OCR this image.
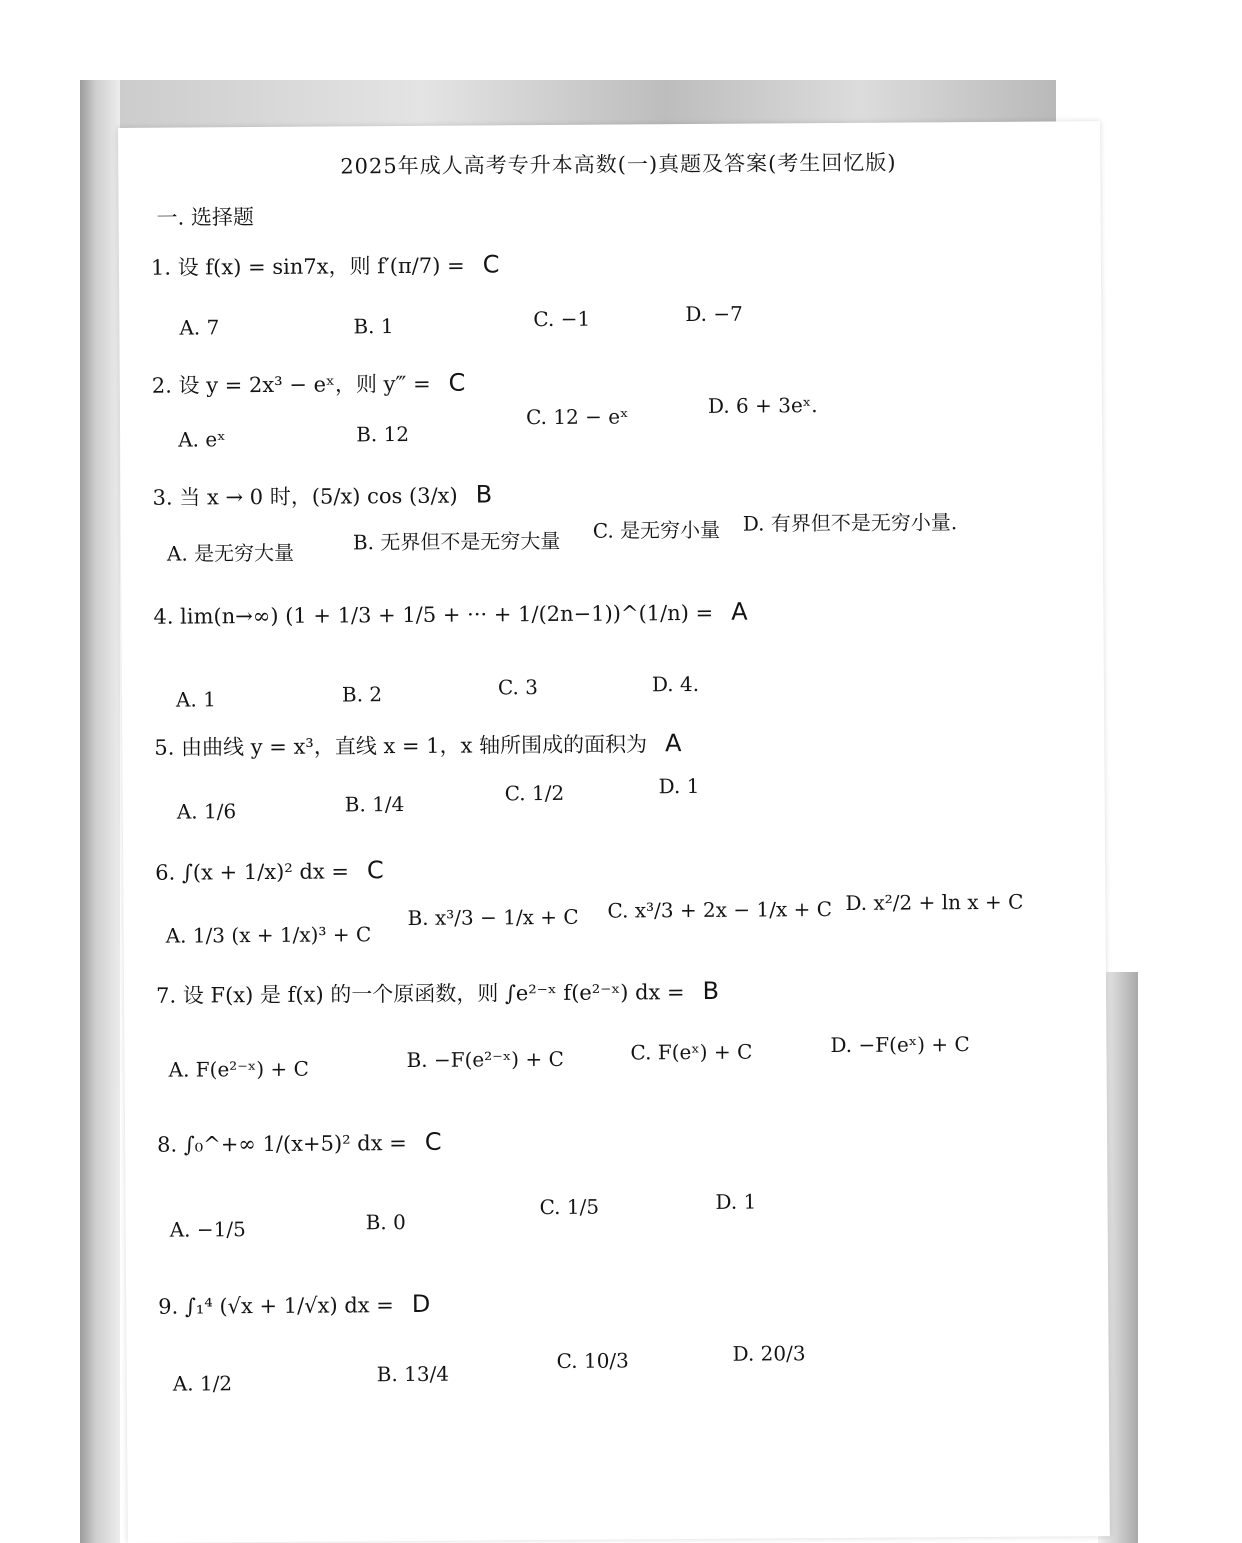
2025年成人高考专升本高数(一)真题及答案(考生回忆版)
一. 选择题
1. 设 f(x) = sin7x，则 f′(π/7) = C
A. 7	B. 1	C. −1	D. −7
2. 设 y = 2x³ − eˣ，则 y‴ = C
A. eˣ	B. 12
C. 12 − eˣ	D. 6 + 3eˣ.
3. 当 x → 0 时，(5/x) cos (3/x) B
A. 是无穷大量	B. 无界但不是无穷大量 C. 是无穷小量 D. 有界但不是无穷小量.
4. lim(n→∞) (1 + 1/3 + 1/5 + ··· + 1/(2n−1))^(1/n) = A
A. 1	B. 2	C. 3	D. 4.
5. 由曲线 y = x³，直线 x = 1，x 轴所围成的面积为 A
A. 1/6	B. 1/4	C. 1/2	D. 1
6. ∫(x + 1/x)² dx = C
A. 1/3 (x + 1/x)³ + C
B. x³/3 − 1/x + C C. x³/3 + 2x − 1/x + C D. x²/2 + ln x + C
7. 设 F(x) 是 f(x) 的一个原函数，则 ∫e²⁻ˣ f(e²⁻ˣ) dx = B
A. F(e²⁻ˣ) + C	B. −F(e²⁻ˣ) + C	C. F(eˣ) + C	D. −F(eˣ) + C
8. ∫₀^+∞ 1/(x+5)² dx = C
A. −1/5	B. 0
C. 1/5	D. 1
9. ∫₁⁴ (√x + 1/√x) dx = D
A. 1/2	B. 13/4
C. 10/3	D. 20/3
